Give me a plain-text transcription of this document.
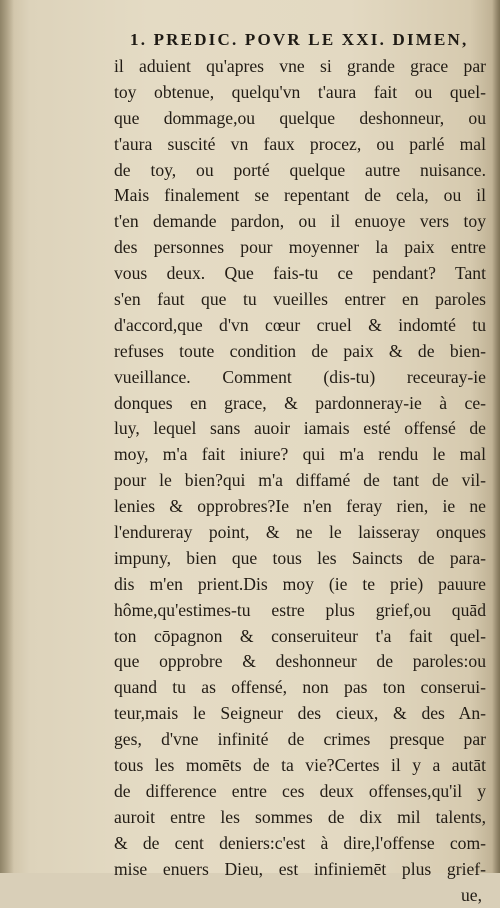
1. PREDIC. POVR LE XXI. DIMEN,
il aduient qu'apres vne si grande grace par
toy obtenue, quelqu'vn t'aura fait ou quel-
que dommage,ou quelque deshonneur, ou
t'aura suscité vn faux procez, ou parlé mal
de toy, ou porté quelque autre nuisance.
Mais finalement se repentant de cela, ou il
t'en demande pardon, ou il enuoye vers toy
des personnes pour moyenner la paix entre
vous deux. Que fais-tu ce pendant? Tant
s'en faut que tu vueilles entrer en paroles
d'accord,que d'vn cœur cruel & indomté tu
refuses toute condition de paix & de bien-
vueillance. Comment (dis-tu) receuray-ie
donques en grace, & pardonneray-ie à ce-
luy, lequel sans auoir iamais esté offensé de
moy, m'a fait iniure? qui m'a rendu le mal
pour le bien?qui m'a diffamé de tant de vil-
lenies & opprobres?Ie n'en feray rien, ie ne
l'endureray point, & ne le laisseray onques
impuny, bien que tous les Saincts de para-
dis m'en prient.Dis moy (ie te prie) pauure
hôme,qu'estimes-tu estre plus grief,ou quād
ton cōpagnon & conseruiteur t'a fait quel-
que opprobre & deshonneur de paroles:ou
quand tu as offensé, non pas ton conserui-
teur,mais le Seigneur des cieux, & des An-
ges, d'vne infinité de crimes presque par
tous les momēts de ta vie?Certes il y a autāt
de difference entre ces deux offenses,qu'il y
auroit entre les sommes de dix mil talents,
& de cent deniers:c'est à dire,l'offense com-
mise enuers Dieu, est infiniemēt plus grief-
ue,
